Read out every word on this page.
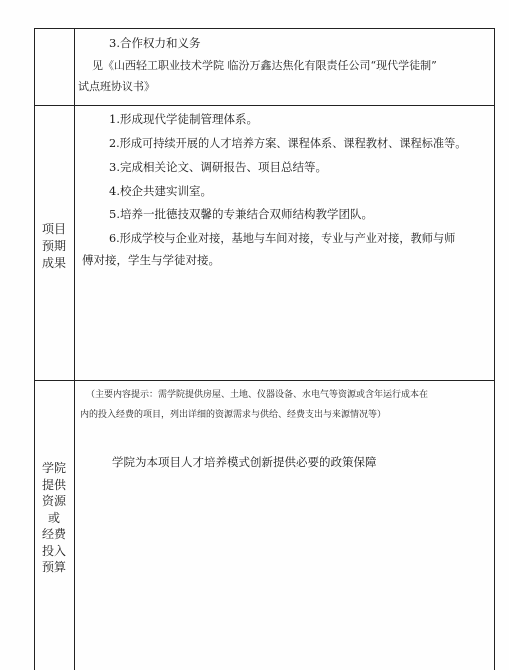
3.合作权力和义务
见《山西轻工职业技术学院 临汾万鑫达焦化有限责任公司“现代学徒制”
试点班协议书》
项目
预期
成果
1.形成现代学徒制管理体系。
2.形成可持续开展的人才培养方案、课程体系、课程教材、课程标准等。
3.完成相关论文、调研报告、项目总结等。
4.校企共建实训室。
5.培养一批德技双馨的专兼结合双师结构教学团队。
6.形成学校与企业对接，基地与车间对接，专业与产业对接，教师与师
傅对接，学生与学徒对接。
学院
提供
资源
或
经费
投入
预算
（主要内容提示：需学院提供房屋、土地、仪器设备、水电气等资源或含年运行成本在
内的投入经费的项目，列出详细的资源需求与供给、经费支出与来源情况等）
学院为本项目人才培养模式创新提供必要的政策保障
